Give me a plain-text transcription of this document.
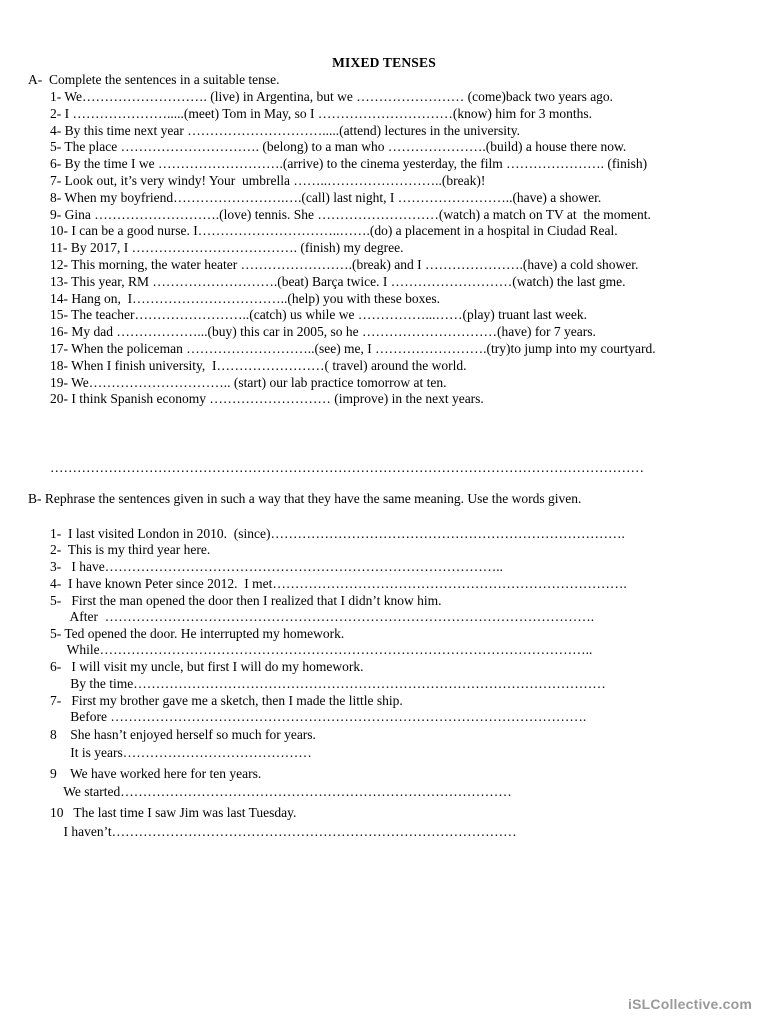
MIXED TENSES
A-  Complete the sentences in a suitable tense.
1- We………………………. (live) in Argentina, but we …………………… (come)back two years ago.
2- I ………………….....(meet) Tom in May, so I …………………………(know) him for 3 months.
4- By this time next year ………………………….....(attend) lectures in the university.
5- The place …………………………. (belong) to a man who ………………….(build) a house there now.
6- By the time I we ……………………….(arrive) to the cinema yesterday, the film …………………. (finish)
7- Look out, it’s very windy! Your  umbrella ……..……………………..(break)!
8- When my boyfriend…………………….….(call) last night, I ……………………..(have) a shower.
9- Gina ……………………….(love) tennis. She ………………………(watch) a match on TV at  the moment.
10- I can be a good nurse. I…………………………..…….(do) a placement in a hospital in Ciudad Real.
11- By 2017, I ………………………………. (finish) my degree.
12- This morning, the water heater …………………….(break) and I ………………….(have) a cold shower.
13- This year, RM ……………………….(beat) Barça twice. I ………………………(watch) the last gme.
14- Hang on,  I……………………………..(help) you with these boxes.
15- The teacher……………………..(catch) us while we ……………...……(play) truant last week.
16- My dad ………………...(buy) this car in 2005, so he …………………………(have) for 7 years.
17- When the policeman ………………………..(see) me, I …………………….(try)to jump into my courtyard.
18- When I finish university,  I……………………( travel) around the world.
19- We………………………….. (start) our lab practice tomorrow at ten.
20- I think Spanish economy ……………………… (improve) in the next years.
……………………………………………………………………………………………………………………
B- Rephrase the sentences given in such a way that they have the same meaning. Use the words given.
1-  I last visited London in 2010.  (since)…………………………………………………………………….
2-  This is my third year here.
3-   I have……………………………………………………………………………..
4-  I have known Peter since 2012.  I met…………………………………………………………………….
5-   First the man opened the door then I realized that I didn’t know him.
After  ……………………………………………………………………………………………….
5- Ted opened the door. He interrupted my homework.
While………………………………………………………………………………………………..
6-   I will visit my uncle, but first I will do my homework.
By the time……………………………………………………………………………………………
7-   First my brother gave me a sketch, then I made the little ship.
Before …………………………………………………………………………………………….
8    She hasn’t enjoyed herself so much for years.
It is years……………………………………
9    We have worked here for ten years.
We started……………………………………………………………………………
10   The last time I saw Jim was last Tuesday.
I haven’t………………………………………………………………………………
iSLCollective.com
